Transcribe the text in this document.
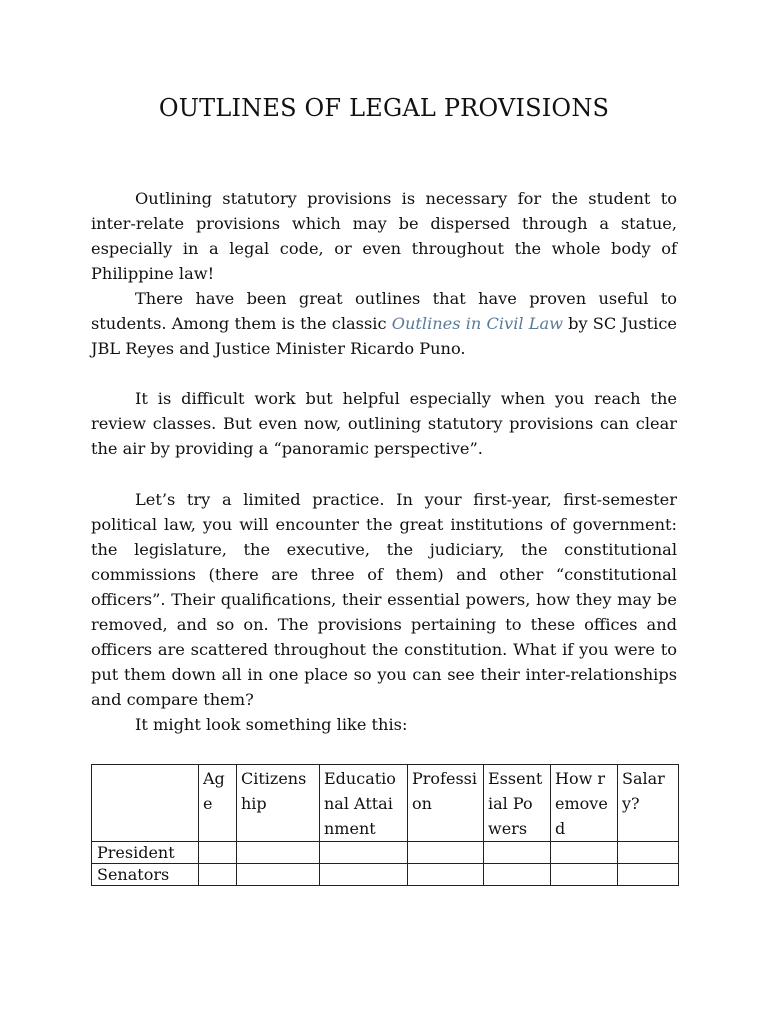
OUTLINES OF LEGAL PROVISIONS

Outlining statutory provisions is necessary for the student to inter-relate provisions which may be dispersed through a statue, especially in a legal code, or even throughout the whole body of Philippine law!

There have been great outlines that have proven useful to students. Among them is the classic Outlines in Civil Law by SC Justice JBL Reyes and Justice Minister Ricardo Puno.

It is difficult work but helpful especially when you reach the review classes. But even now, outlining statutory provisions can clear the air by providing a “panoramic perspective”.

Let’s try a limited practice. In your first-year, first-semester political law, you will encounter the great institutions of government: the legislature, the executive, the judiciary, the constitutional commissions (there are three of them) and other “constitutional officers”. Their qualifications, their essential powers, how they may be removed, and so on. The provisions pertaining to these offices and officers are scattered throughout the constitution. What if you were to put them down all in one place so you can see their inter-relationships and compare them?

It might look something like this:

	Age	Citizenship	Educational Attainment	Profession	Essential Powers	How removed	Salary?
President							
Senators							
